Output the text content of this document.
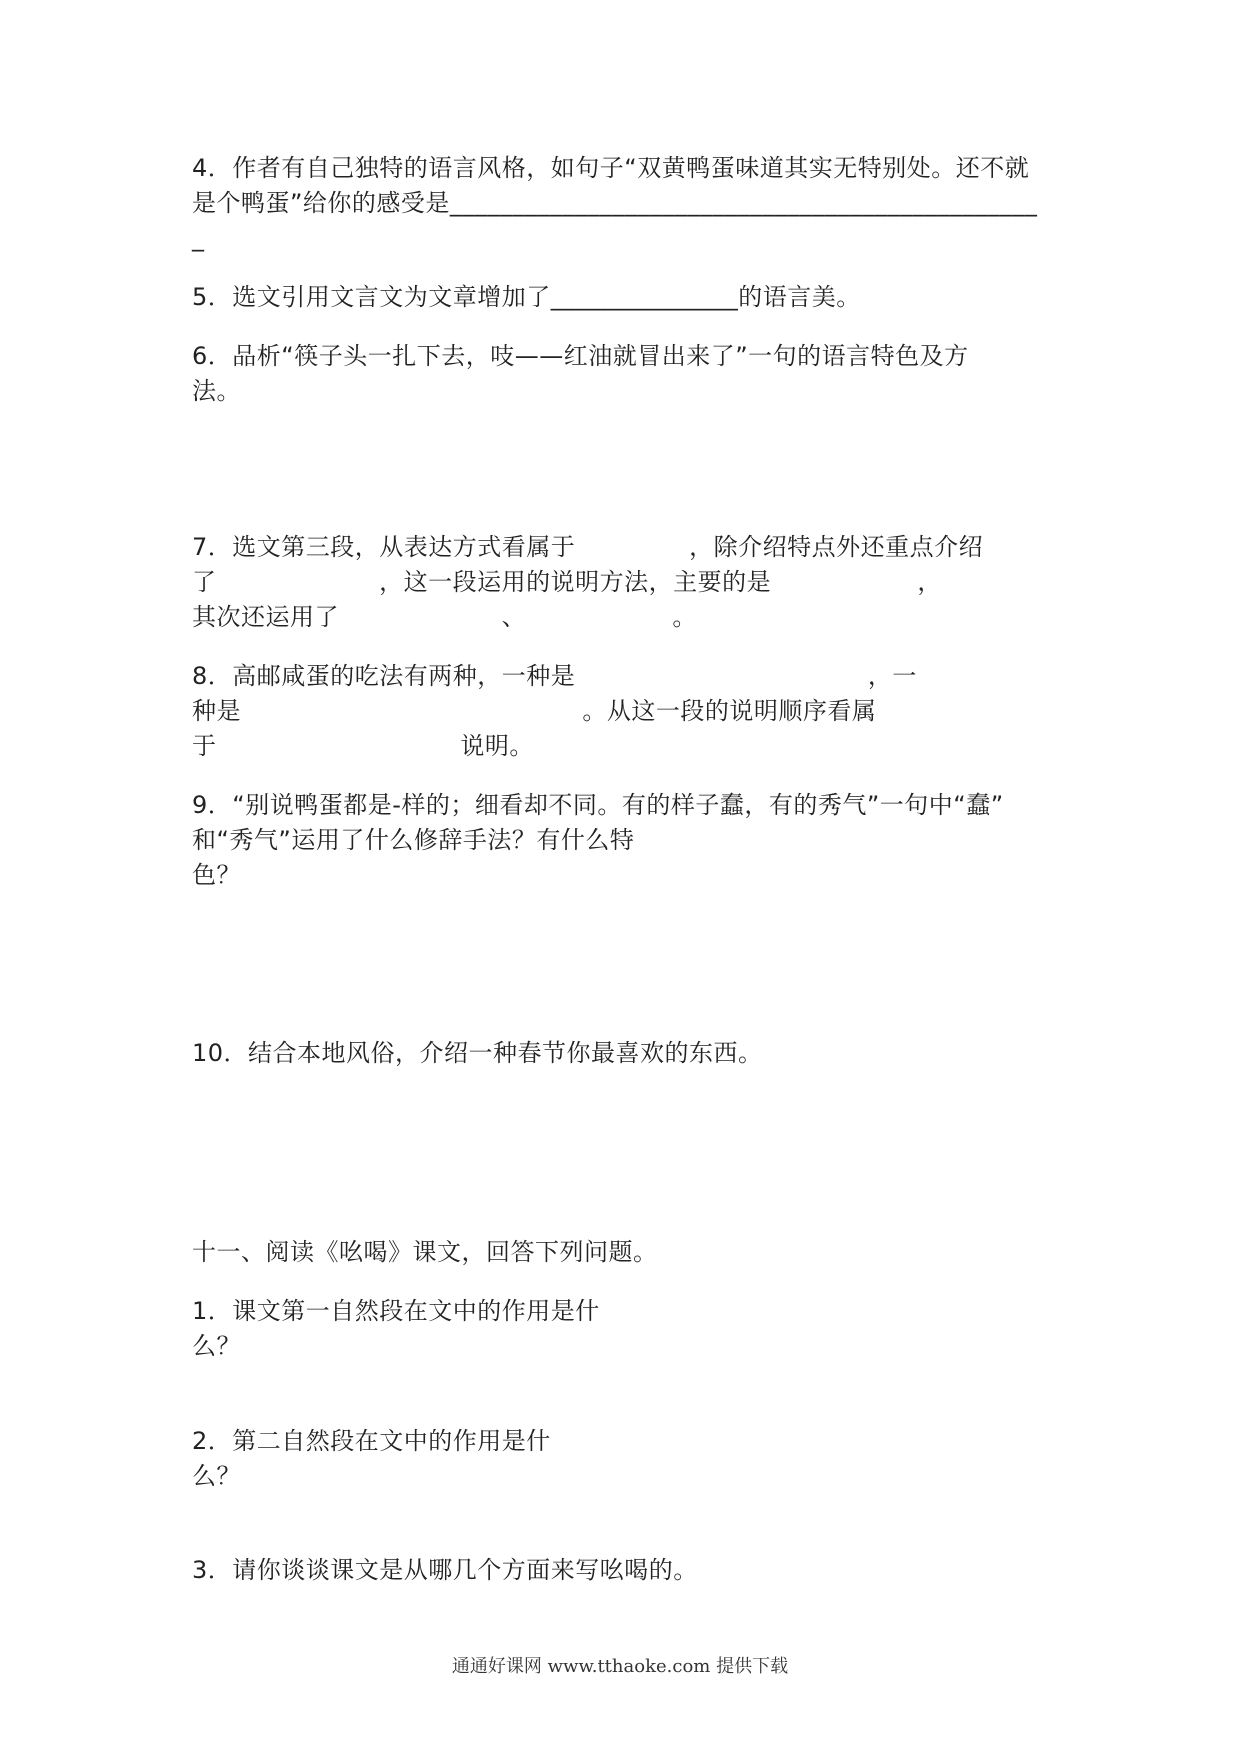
4．作者有自己独特的语言风格，如句子“双黄鸭蛋味道其实无特别处。还不就
是个鸭蛋”给你的感受是_______________________________________________
_
5．选文引用文言文为文章增加了_______________的语言美。
6．品析“筷子头一扎下去，吱——红油就冒出来了”一句的语言特色及方
法。
7．选文第三段，从表达方式看属于              ，除介绍特点外还重点介绍
了                    ，这一段运用的说明方法，主要的是                  ，
其次还运用了                    、                  。
8．高邮咸蛋的吃法有两种，一种是                                    ，一
种是                                          。从这一段的说明顺序看属
于                              说明。
9．“别说鸭蛋都是-样的；细看却不同。有的样子蠢，有的秀气”一句中“蠢”
和“秀气”运用了什么修辞手法？有什么特
色？
10．结合本地风俗，介绍一种春节你最喜欢的东西。
十一、阅读《吆喝》课文，回答下列问题。
1．课文第一自然段在文中的作用是什
么？
2．第二自然段在文中的作用是什
么？
3．请你谈谈课文是从哪几个方面来写吆喝的。
通通好课网 www.tthaoke.com 提供下载
